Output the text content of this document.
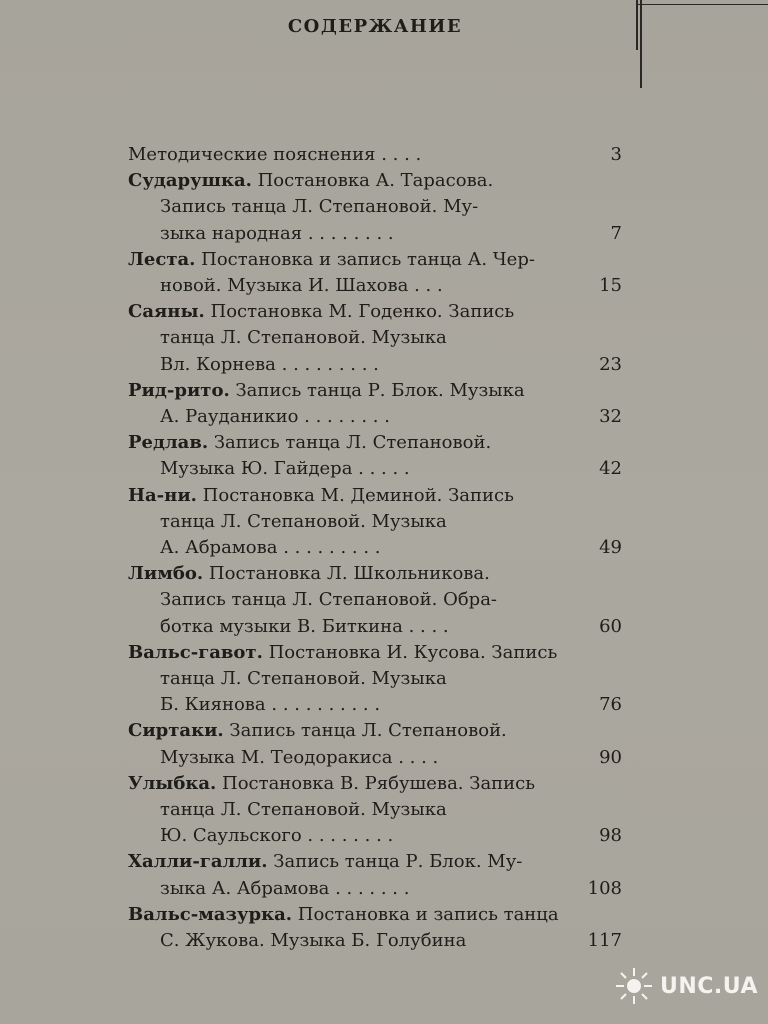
СОДЕРЖАНИЕ
Методические пояснения . . . .	3
Сударушка. Постановка А. Тарасова.
Запись танца Л. Степановой. Му-
зыка народная . . . . . . . .	7
Леста. Постановка и запись танца А. Чер-
новой. Музыка И. Шахова . . .	15
Саяны. Постановка М. Годенко. Запись
танца Л. Степановой. Музыка
Вл. Корнева . . . . . . . . .	23
Рид-рито. Запись танца Р. Блок. Музыка
А. Рауданикио . . . . . . . .	32
Редлав. Запись танца Л. Степановой.
Музыка Ю. Гайдера . . . . .	42
На-ни. Постановка М. Деминой. Запись
танца Л. Степановой. Музыка
А. Абрамова . . . . . . . . .	49
Лимбо. Постановка Л. Школьникова.
Запись танца Л. Степановой. Обра-
ботка музыки В. Биткина . . . .	60
Вальс-гавот. Постановка И. Кусова. Запись
танца Л. Степановой. Музыка
Б. Киянова . . . . . . . . . .	76
Сиртаки. Запись танца Л. Степановой.
Музыка М. Теодоракиса . . . .	90
Улыбка. Постановка В. Рябушева. Запись
танца Л. Степановой. Музыка
Ю. Саульского . . . . . . . .	98
Халли-галли. Запись танца Р. Блок. Му-
зыка А. Абрамова . . . . . . .	108
Вальс-мазурка. Постановка и запись танца
С. Жукова. Музыка Б. Голубина	117
UNC.UA
